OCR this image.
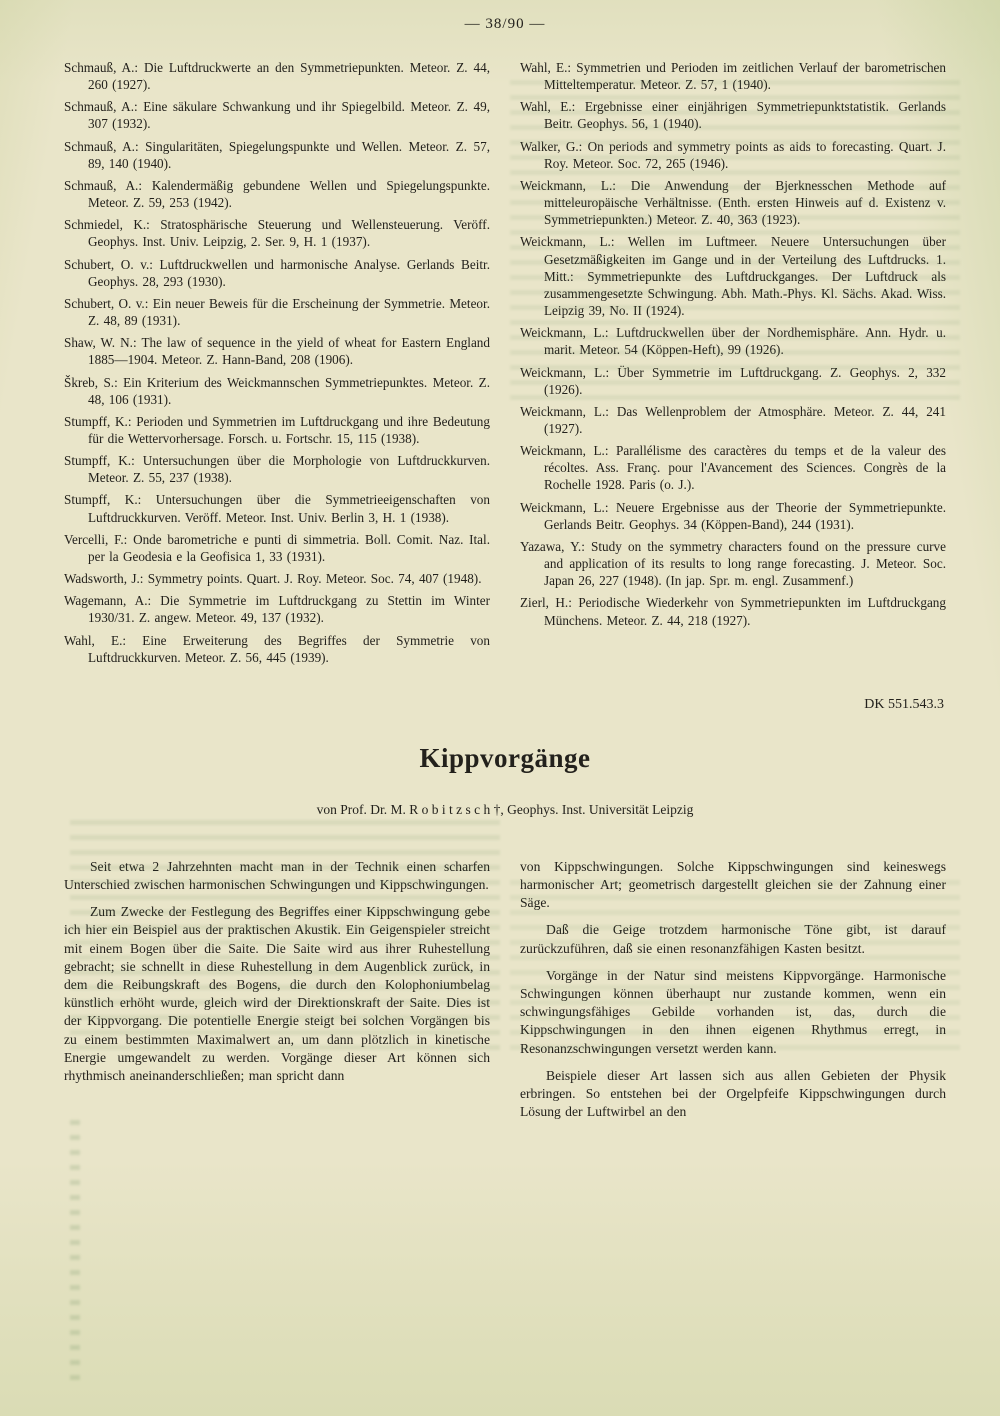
— 38/90 —

Schmauß, A.: Die Luftdruckwerte an den Symmetriepunkten. Meteor. Z. 44, 260 (1927).

Schmauß, A.: Eine säkulare Schwankung und ihr Spiegelbild. Meteor. Z. 49, 307 (1932).

Schmauß, A.: Singularitäten, Spiegelungspunkte und Wellen. Meteor. Z. 57, 89, 140 (1940).

Schmauß, A.: Kalendermäßig gebundene Wellen und Spiegelungspunkte. Meteor. Z. 59, 253 (1942).

Schmiedel, K.: Stratosphärische Steuerung und Wellensteuerung. Veröff. Geophys. Inst. Univ. Leipzig, 2. Ser. 9, H. 1 (1937).

Schubert, O. v.: Luftdruckwellen und harmonische Analyse. Gerlands Beitr. Geophys. 28, 293 (1930).

Schubert, O. v.: Ein neuer Beweis für die Erscheinung der Symmetrie. Meteor. Z. 48, 89 (1931).

Shaw, W. N.: The law of sequence in the yield of wheat for Eastern England 1885—1904. Meteor. Z. Hann-Band, 208 (1906).

Škreb, S.: Ein Kriterium des Weickmannschen Symmetriepunktes. Meteor. Z. 48, 106 (1931).

Stumpff, K.: Perioden und Symmetrien im Luftdruckgang und ihre Bedeutung für die Wettervorhersage. Forsch. u. Fortschr. 15, 115 (1938).

Stumpff, K.: Untersuchungen über die Morphologie von Luftdruckkurven. Meteor. Z. 55, 237 (1938).

Stumpff, K.: Untersuchungen über die Symmetrieeigenschaften von Luftdruckkurven. Veröff. Meteor. Inst. Univ. Berlin 3, H. 1 (1938).

Vercelli, F.: Onde barometriche e punti di simmetria. Boll. Comit. Naz. Ital. per la Geodesia e la Geofisica 1, 33 (1931).

Wadsworth, J.: Symmetry points. Quart. J. Roy. Meteor. Soc. 74, 407 (1948).

Wagemann, A.: Die Symmetrie im Luftdruckgang zu Stettin im Winter 1930/31. Z. angew. Meteor. 49, 137 (1932).

Wahl, E.: Eine Erweiterung des Begriffes der Symmetrie von Luftdruckkurven. Meteor. Z. 56, 445 (1939).

Wahl, E.: Symmetrien und Perioden im zeitlichen Verlauf der barometrischen Mitteltemperatur. Meteor. Z. 57, 1 (1940).

Wahl, E.: Ergebnisse einer einjährigen Symmetriepunktstatistik. Gerlands Beitr. Geophys. 56, 1 (1940).

Walker, G.: On periods and symmetry points as aids to forecasting. Quart. J. Roy. Meteor. Soc. 72, 265 (1946).

Weickmann, L.: Die Anwendung der Bjerknesschen Methode auf mitteleuropäische Verhältnisse. (Enth. ersten Hinweis auf d. Existenz v. Symmetriepunkten.) Meteor. Z. 40, 363 (1923).

Weickmann, L.: Wellen im Luftmeer. Neuere Untersuchungen über Gesetzmäßigkeiten im Gange und in der Verteilung des Luftdrucks. 1. Mitt.: Symmetriepunkte des Luftdruckganges. Der Luftdruck als zusammengesetzte Schwingung. Abh. Math.-Phys. Kl. Sächs. Akad. Wiss. Leipzig 39, No. II (1924).

Weickmann, L.: Luftdruckwellen über der Nordhemisphäre. Ann. Hydr. u. marit. Meteor. 54 (Köppen-Heft), 99 (1926).

Weickmann, L.: Über Symmetrie im Luftdruckgang. Z. Geophys. 2, 332 (1926).

Weickmann, L.: Das Wellenproblem der Atmosphäre. Meteor. Z. 44, 241 (1927).

Weickmann, L.: Parallélisme des caractères du temps et de la valeur des récoltes. Ass. Franç. pour l'Avancement des Sciences. Congrès de la Rochelle 1928. Paris (o. J.).

Weickmann, L.: Neuere Ergebnisse aus der Theorie der Symmetriepunkte. Gerlands Beitr. Geophys. 34 (Köppen-Band), 244 (1931).

Yazawa, Y.: Study on the symmetry characters found on the pressure curve and application of its results to long range forecasting. J. Meteor. Soc. Japan 26, 227 (1948). (In jap. Spr. m. engl. Zusammenf.)

Zierl, H.: Periodische Wiederkehr von Symmetriepunkten im Luftdruckgang Münchens. Meteor. Z. 44, 218 (1927).

DK 551.543.3
Kippvorgänge
von Prof. Dr. M. R o b i t z s c h †, Geophys. Inst. Universität Leipzig

Seit etwa 2 Jahrzehnten macht man in der Technik einen scharfen Unterschied zwischen harmonischen Schwingungen und Kippschwingungen.

Zum Zwecke der Festlegung des Begriffes einer Kippschwingung gebe ich hier ein Beispiel aus der praktischen Akustik. Ein Geigenspieler streicht mit einem Bogen über die Saite. Die Saite wird aus ihrer Ruhestellung gebracht; sie schnellt in diese Ruhestellung in dem Augenblick zurück, in dem die Reibungskraft des Bogens, die durch den Kolophoniumbelag künstlich erhöht wurde, gleich wird der Direktionskraft der Saite. Dies ist der Kippvorgang. Die potentielle Energie steigt bei solchen Vorgängen bis zu einem bestimmten Maximalwert an, um dann plötzlich in kinetische Energie umgewandelt zu werden. Vorgänge dieser Art können sich rhythmisch aneinanderschließen; man spricht dann

von Kippschwingungen. Solche Kippschwingungen sind keineswegs harmonischer Art; geometrisch dargestellt gleichen sie der Zahnung einer Säge.

Daß die Geige trotzdem harmonische Töne gibt, ist darauf zurückzuführen, daß sie einen resonanzfähigen Kasten besitzt.

Vorgänge in der Natur sind meistens Kippvorgänge. Harmonische Schwingungen können überhaupt nur zustande kommen, wenn ein schwingungsfähiges Gebilde vorhanden ist, das, durch die Kippschwingungen in den ihnen eigenen Rhythmus erregt, in Resonanzschwingungen versetzt werden kann.

Beispiele dieser Art lassen sich aus allen Gebieten der Physik erbringen. So entstehen bei der Orgelpfeife Kippschwingungen durch Lösung der Luftwirbel an den
